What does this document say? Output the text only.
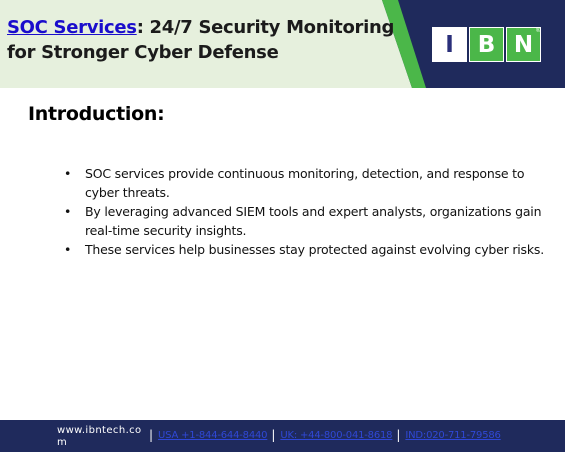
SOC Services: 24/7 Security Monitoring for Stronger Cyber Defense	I	B N
®
Introduction:
• SOC services provide continuous monitoring, detection, and response to cyber threats.
• By leveraging advanced SIEM tools and expert analysts, organizations gain real-time security insights.
• These services help businesses stay protected against evolving cyber risks.
www.ibntech.com
| USA +1-844-644-8440 | UK: +44-800-041-8618 | IND:020-711-79586
